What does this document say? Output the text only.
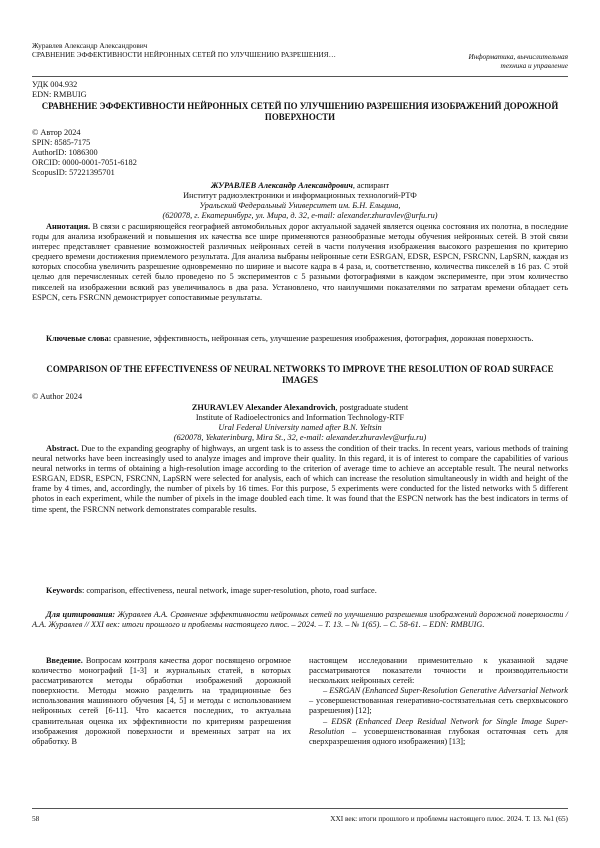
Журавлев Александр Александрович
СРАВНЕНИЕ ЭФФЕКТИВНОСТИ НЕЙРОННЫХ СЕТЕЙ ПО УЛУЧШЕНИЮ РАЗРЕШЕНИЯ…	Информатика, вычислительная техника и управление
УДК 004.932
EDN: RMBUIG
СРАВНЕНИЕ ЭФФЕКТИВНОСТИ НЕЙРОННЫХ СЕТЕЙ ПО УЛУЧШЕНИЮ РАЗРЕШЕНИЯ ИЗОБРАЖЕНИЙ ДОРОЖНОЙ ПОВЕРХНОСТИ
© Автор 2024
SPIN: 8585-7175
AuthorID: 1086300
ORCID: 0000-0001-7051-6182
ScopusID: 57221395701
ЖУРАВЛЕВ Александр Александрович, аспирант
Институт радиоэлектроники и информационных технологий-РТФ
Уральский Федеральный Университет им. Б.Н. Ельцина,
(620078, г. Екатеринбург, ул. Мира, д. 32, e-mail: alexander.zhuravlev@urfu.ru)

Аннотация. В связи с расширяющейся географией автомобильных дорог актуальной задачей является оценка состояния их полотна, в последние годы для анализа изображений и повышения их качества все шире применяются разнообразные методы обучения нейронных сетей. В этой связи интерес представляет сравнение возможностей различных нейронных сетей в части получения изображения высокого разрешения по критерию среднего времени достижения приемлемого результата. Для анализа выбраны нейронные сети ESRGAN, EDSR, ESPCN, FSRCNN, LapSRN, каждая из которых способна увеличить разрешение одновременно по ширине и высоте кадра в 4 раза, и, соответственно, количества пикселей в 16 раз. С этой целью для перечисленных сетей было проведено по 5 экспериментов с 5 разными фотографиями в каждом эксперименте, при этом количество пикселей на изображении всякий раз увеличивалось в два раза. Установлено, что наилучшими показателями по затратам времени обладает сеть ESPCN, сеть FSRCNN демонстрирует сопоставимые результаты.

Ключевые слова: сравнение, эффективность, нейронная сеть, улучшение разрешения изображения, фотография, дорожная поверхность.

COMPARISON OF THE EFFECTIVENESS OF NEURAL NETWORKS TO IMPROVE THE RESOLUTION OF ROAD SURFACE IMAGES
© Author 2024
ZHURAVLEV Alexander Alexandrovich, postgraduate student
Institute of Radioelectronics and Information Technology-RTF
Ural Federal University named after B.N. Yeltsin
(620078, Yekaterinburg, Mira St., 32, e-mail: alexander.zhuravlev@urfu.ru)

Abstract. Due to the expanding geography of highways, an urgent task is to assess the condition of their tracks. In recent years, various methods of training neural networks have been increasingly used to analyze images and improve their quality. In this regard, it is of interest to compare the capabilities of various neural networks in terms of obtaining a high-resolution image according to the criterion of average time to achieve an acceptable result. The neural networks ESRGAN, EDSR, ESPCN, FSRCNN, LapSRN were selected for analysis, each of which can increase the resolution simultaneously in width and height of the frame by 4 times, and, accordingly, the number of pixels by 16 times. For this purpose, 5 experiments were conducted for the listed networks with 5 different photos in each experiment, while the number of pixels in the image doubled each time. It was found that the ESPCN network has the best indicators in terms of time spent, the FSRCNN network demonstrates comparable results.

Keywords: comparison, effectiveness, neural network, image super-resolution, photo, road surface.

Для цитирования: Журавлев А.А. Сравнение эффективности нейронных сетей по улучшению разрешения изображений дорожной поверхности / А.А. Журавлев // XXI век: итоги прошлого и проблемы настоящего плюс. – 2024. – Т. 13. – № 1(65). – С. 58-61. – EDN: RMBUIG.

Введение. Вопросам контроля качества дорог посвящено огромное количество монографий [1-3] и журнальных статей, в которых рассматриваются методы обработки изображений дорожной поверхности. Методы можно разделить на традиционные без использования машинного обучения [4, 5] и методы с использованием нейронных сетей [6-11]. Что касается последних, то актуальна сравнительная оценка их эффективности по критериям разрешения изображения дорожной поверхности и временных затрат на их обработку. В

настоящем исследовании применительно к указанной задаче рассматриваются показатели точности и производительности нескольких нейронных сетей:

– ESRGAN (Enhanced Super-Resolution Generative Adversarial Network – усовершенствованная генеративно-состязательная сеть сверхвысокого разрешения) [12];

– EDSR (Enhanced Deep Residual Network for Single Image Super-Resolution – усовершенствованная глубокая остаточная сеть для сверхразрешения одного изображения) [13];

58	XXI век: итоги прошлого и проблемы настоящего плюс. 2024. Т. 13. №1 (65)
